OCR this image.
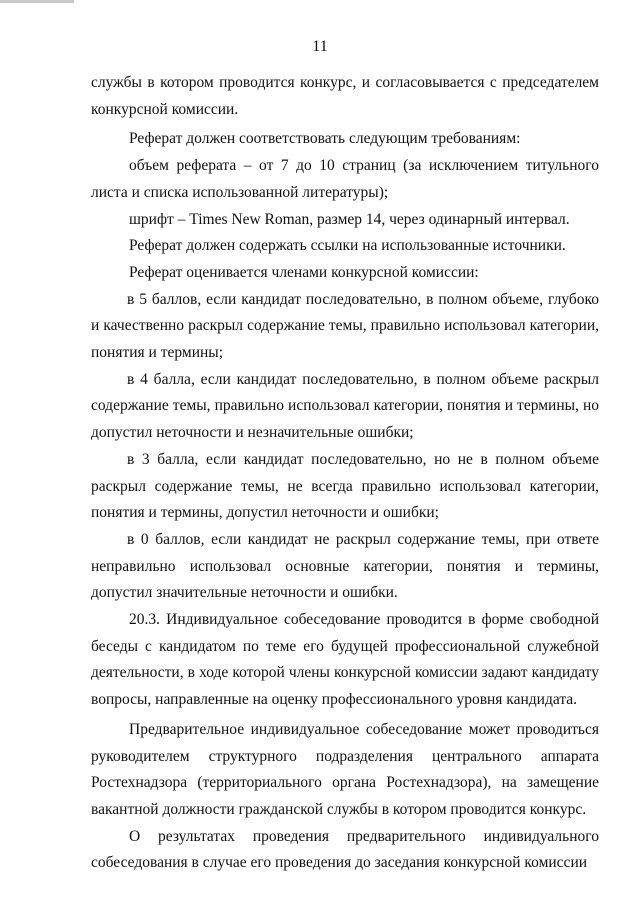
11

службы в котором проводится конкурс, и согласовывается с председателем конкурсной комиссии.

Реферат должен соответствовать следующим требованиям:

объем реферата – от 7 до 10 страниц (за исключением титульного листа и списка использованной литературы);

шрифт – Times New Roman, размер 14, через одинарный интервал.

Реферат должен содержать ссылки на использованные источники.

Реферат оценивается членами конкурсной комиссии:

в 5 баллов, если кандидат последовательно, в полном объеме, глубоко и качественно раскрыл содержание темы, правильно использовал категории, понятия и термины;

в 4 балла, если кандидат последовательно, в полном объеме раскрыл содержание темы, правильно использовал категории, понятия и термины, но допустил неточности и незначительные ошибки;

в 3 балла, если кандидат последовательно, но не в полном объеме раскрыл содержание темы, не всегда правильно использовал категории, понятия и термины, допустил неточности и ошибки;

в 0 баллов, если кандидат не раскрыл содержание темы, при ответе неправильно использовал основные категории, понятия и термины, допустил значительные неточности и ошибки.

20.3. Индивидуальное собеседование проводится в форме свободной беседы с кандидатом по теме его будущей профессиональной служебной деятельности, в ходе которой члены конкурсной комиссии задают кандидату вопросы, направленные на оценку профессионального уровня кандидата.

Предварительное индивидуальное собеседование может проводиться руководителем структурного подразделения центрального аппарата Ростехнадзора (территориального органа Ростехнадзора), на замещение вакантной должности гражданской службы в котором проводится конкурс.

О результатах проведения предварительного индивидуального собеседования в случае его проведения до заседания конкурсной комиссии
